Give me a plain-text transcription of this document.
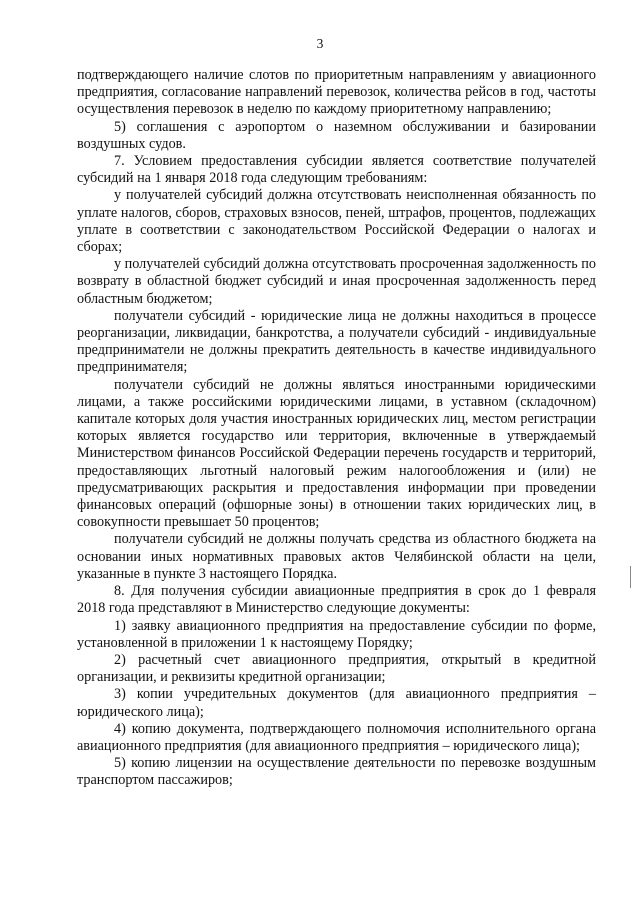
3

подтверждающего наличие слотов по приоритетным направлениям у авиационного предприятия, согласование направлений перевозок, количества рейсов в год, частоты осуществления перевозок в неделю по каждому приоритетному направлению;

5) соглашения с аэропортом о наземном обслуживании и базировании воздушных судов.

7. Условием предоставления субсидии является соответствие получателей субсидий на 1 января 2018 года следующим требованиям:

у получателей субсидий должна отсутствовать неисполненная обязанность по уплате налогов, сборов, страховых взносов, пеней, штрафов, процентов, подлежащих уплате в соответствии с законодательством Российской Федерации о налогах и сборах;

у получателей субсидий должна отсутствовать просроченная задолженность по возврату в областной бюджет субсидий и иная просроченная задолженность перед областным бюджетом;

получатели субсидий - юридические лица не должны находиться в процессе реорганизации, ликвидации, банкротства, а получатели субсидий - индивидуальные предприниматели не должны прекратить деятельность в качестве индивидуального предпринимателя;

получатели субсидий не должны являться иностранными юридическими лицами, а также российскими юридическими лицами, в уставном (складочном) капитале которых доля участия иностранных юридических лиц, местом регистрации которых является государство или территория, включенные в утверждаемый Министерством финансов Российской Федерации перечень государств и территорий, предоставляющих льготный налоговый режим налогообложения и (или) не предусматривающих раскрытия и предоставления информации при проведении финансовых операций (офшорные зоны) в отношении таких юридических лиц, в совокупности превышает 50 процентов;

получатели субсидий не должны получать средства из областного бюджета на основании иных нормативных правовых актов Челябинской области на цели, указанные в пункте 3 настоящего Порядка.

8. Для получения субсидии авиационные предприятия в срок до 1 февраля 2018 года представляют в Министерство следующие документы:

1) заявку авиационного предприятия на предоставление субсидии по форме, установленной в приложении 1 к настоящему Порядку;

2) расчетный счет авиационного предприятия, открытый в кредитной организации, и реквизиты кредитной организации;

3) копии учредительных документов (для авиационного предприятия – юридического лица);

4) копию документа, подтверждающего полномочия исполнительного органа авиационного предприятия (для авиационного предприятия – юридического лица);

5) копию лицензии на осуществление деятельности по перевозке воздушным транспортом пассажиров;
